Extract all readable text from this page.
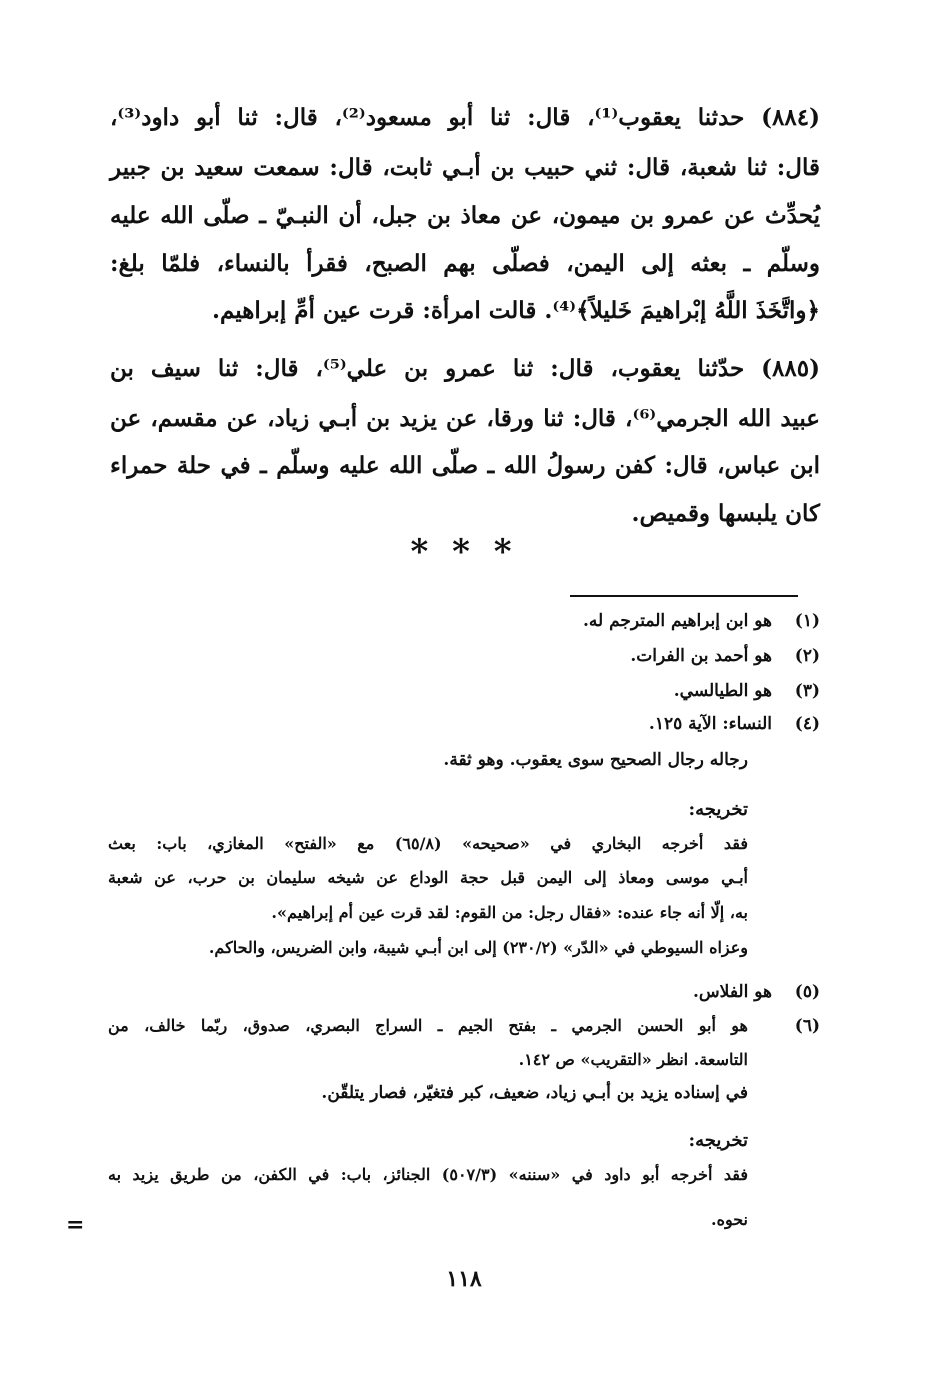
(٨٨٤) حدثنا يعقوب⁽¹⁾، قال: ثنا أبو مسعود⁽²⁾، قال: ثنا أبو داود⁽³⁾،
قال: ثنا شعبة، قال: ثني حبيب بن أبـي ثابت، قال: سمعت سعيد بن جبير
يُحدِّث عن عمرو بن ميمون، عن معاذ بن جبل، أن النبـيّ ـ صلّى الله عليه
وسلّم ـ بعثه إلى اليمن، فصلّى بهم الصبح، فقرأ بالنساء، فلمّا بلغ:
﴿واتَّخَذَ اللَّهُ إبْراهيمَ خَليلاً﴾⁽⁴⁾. قالت امرأة: قرت عين أمِّ إبراهيم.
(٨٨٥) حدّثنا يعقوب، قال: ثنا عمرو بن علي⁽⁵⁾، قال: ثنا سيف بن
عبيد الله الجرمي⁽⁶⁾، قال: ثنا ورقا، عن يزيد بن أبـي زياد، عن مقسم، عن
ابن عباس، قال: كفن رسولُ الله ـ صلّى الله عليه وسلّم ـ في حلة حمراء
كان يلبسها وقميص.
* * *
(١)
هو ابن إبراهيم المترجم له.
(٢)
هو أحمد بن الفرات.
(٣)
هو الطيالسي.
(٤)
النساء: الآية ١٢٥.
رجاله رجال الصحيح سوى يعقوب. وهو ثقة.
تخريجه:
فقد أخرجه البخاري في «صحيحه» (٦٥/٨) مع «الفتح» المغازي، باب: بعث
أبـي موسى ومعاذ إلى اليمن قبل حجة الوداع عن شيخه سليمان بن حرب، عن شعبة
به، إلّا أنه جاء عنده: «فقال رجل: من القوم: لقد قرت عين أم إبراهيم».
وعزاه السيوطي في «الدّر» (٢٣٠/٢) إلى ابن أبـي شيبة، وابن الضريس، والحاكم.
(٥)
هو الفلاس.
(٦)
هو أبو الحسن الجرمي ـ بفتح الجيم ـ السراج البصري، صدوق، ربّما خالف، من
التاسعة. انظر «التقريب» ص ١٤٢.
في إسناده يزيد بن أبـي زياد، ضعيف، كبر فتغيّر، فصار يتلقّن.
تخريجه:
فقد أخرجه أبو داود في «سننه» (٥٠٧/٣) الجنائز، باب: في الكفن، من طريق يزيد به
نحوه.
=
١١٨
